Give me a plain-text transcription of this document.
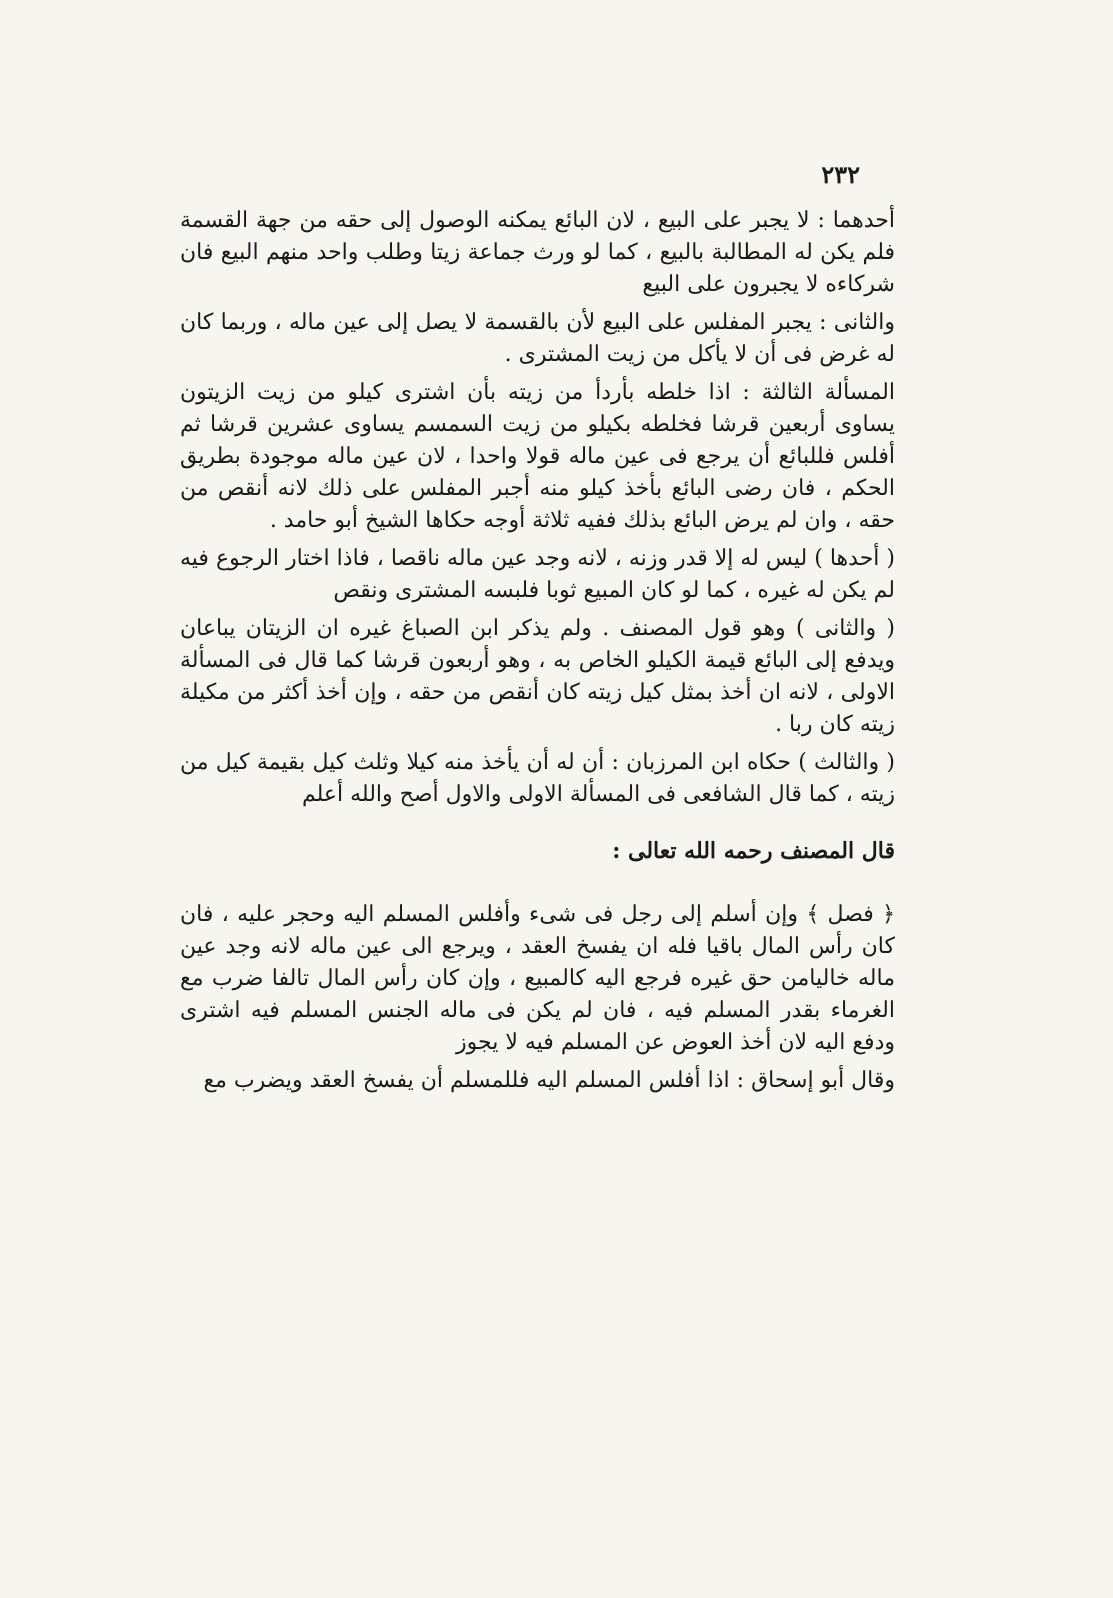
٢٣٢

أحدهما : لا يجبر على البيع ، لان البائع يمكنه الوصول إلى حقه من جهة القسمة فلم يكن له المطالبة بالبيع ، كما لو ورث جماعة زيتا وطلب واحد منهم البيع فان شركاءه لا يجبرون على البيع

والثانى : يجبر المفلس على البيع لأن بالقسمة لا يصل إلى عين ماله ، وربما كان له غرض فى أن لا يأكل من زيت المشترى .

المسألة الثالثة : اذا خلطه بأردأ من زيته بأن اشترى كيلو من زيت الزيتون يساوى أربعين قرشا فخلطه بكيلو من زيت السمسم يساوى عشرين قرشا ثم أفلس فللبائع أن يرجع فى عين ماله قولا واحدا ، لان عين ماله موجودة بطريق الحكم ، فان رضى البائع بأخذ كيلو منه أجبر المفلس على ذلك لانه أنقص من حقه ، وان لم يرض البائع بذلك ففيه ثلاثة أوجه حكاها الشيخ أبو حامد .

( أحدها ) ليس له إلا قدر وزنه ، لانه وجد عين ماله ناقصا ، فاذا اختار الرجوع فيه لم يكن له غيره ، كما لو كان المبيع ثوبا فلبسه المشترى ونقص

( والثانى ) وهو قول المصنف . ولم يذكر ابن الصباغ غيره ان الزيتان يباعان ويدفع إلى البائع قيمة الكيلو الخاص به ، وهو أربعون قرشا كما قال فى المسألة الاولى ، لانه ان أخذ بمثل كيل زيته كان أنقص من حقه ، وإن أخذ أكثر من مكيلة زيته كان ربا .

( والثالث ) حكاه ابن المرزبان : أن له أن يأخذ منه كيلا وثلث كيل بقيمة كيل من زيته ، كما قال الشافعى فى المسألة الاولى والاول أصح والله أعلم

قال المصنف رحمه الله تعالى :

﴿ فصل ﴾ وإن أسلم إلى رجل فى شىء وأفلس المسلم اليه وحجر عليه ، فان كان رأس المال باقيا فله ان يفسخ العقد ، ويرجع الى عين ماله لانه وجد عين ماله خاليامن حق غيره فرجع اليه كالمبيع ، وإن كان رأس المال تالفا ضرب مع الغرماء بقدر المسلم فيه ، فان لم يكن فى ماله الجنس المسلم فيه اشترى ودفع اليه لان أخذ العوض عن المسلم فيه لا يجوز

وقال أبو إسحاق : اذا أفلس المسلم اليه فللمسلم أن يفسخ العقد ويضرب مع
